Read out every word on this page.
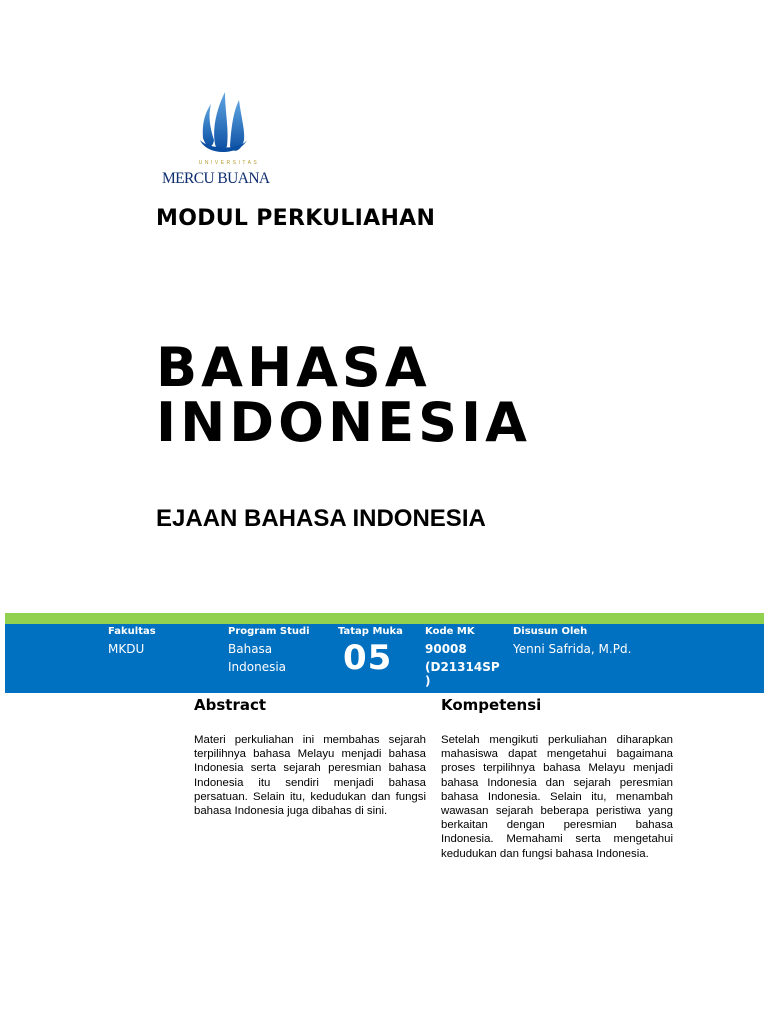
UNIVERSITAS
MERCU BUANA
MODUL PERKULIAHAN
BAHASA
INDONESIA
EJAAN BAHASA INDONESIA
Fakultas
MKDU
Program Studi
Bahasa
Indonesia
Tatap Muka
05
Kode MK
90008
(D21314SP
)
Disusun Oleh
Yenni Safrida, M.Pd.
Abstract

Materi perkuliahan ini membahas sejarah terpilihnya bahasa Melayu menjadi bahasa Indonesia serta sejarah peresmian bahasa Indonesia itu sendiri menjadi bahasa persatuan. Selain itu, kedudukan dan fungsi bahasa Indonesia juga dibahas di sini.

Kompetensi

Setelah mengikuti perkuliahan diharapkan mahasiswa dapat mengetahui bagaimana proses terpilihnya bahasa Melayu menjadi bahasa Indonesia dan sejarah peresmian bahasa Indonesia. Selain itu, menambah wawasan sejarah beberapa peristiwa yang berkaitan dengan peresmian bahasa Indonesia. Memahami serta mengetahui kedudukan dan fungsi bahasa Indonesia.
